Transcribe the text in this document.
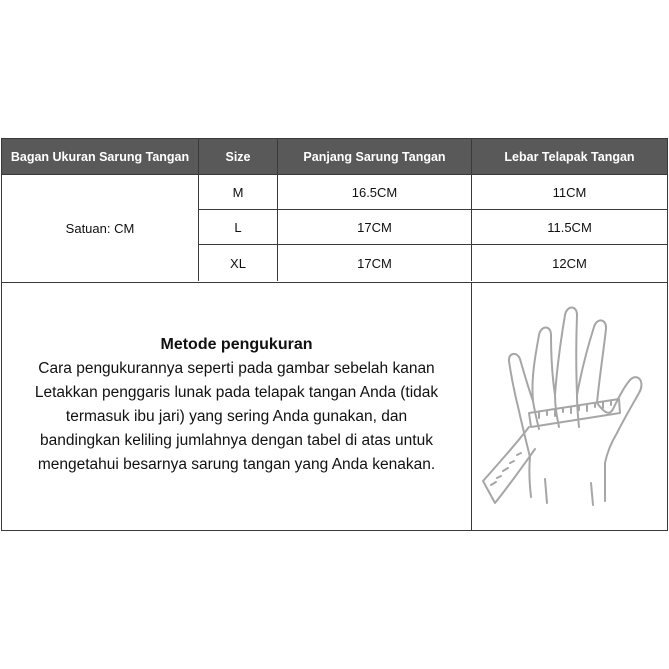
Bagan Ukuran Sarung Tangan	Size	Panjang Sarung Tangan	Lebar Telapak Tangan
Satuan: CM
M	16.5CM	11CM
L	17CM	11.5CM
XL	17CM	12CM
Metode pengukuran
Cara pengukurannya seperti pada gambar sebelah kanan
Letakkan penggaris lunak pada telapak tangan Anda (tidak
termasuk ibu jari) yang sering Anda gunakan, dan
bandingkan keliling jumlahnya dengan tabel di atas untuk
mengetahui besarnya sarung tangan yang Anda kenakan.
